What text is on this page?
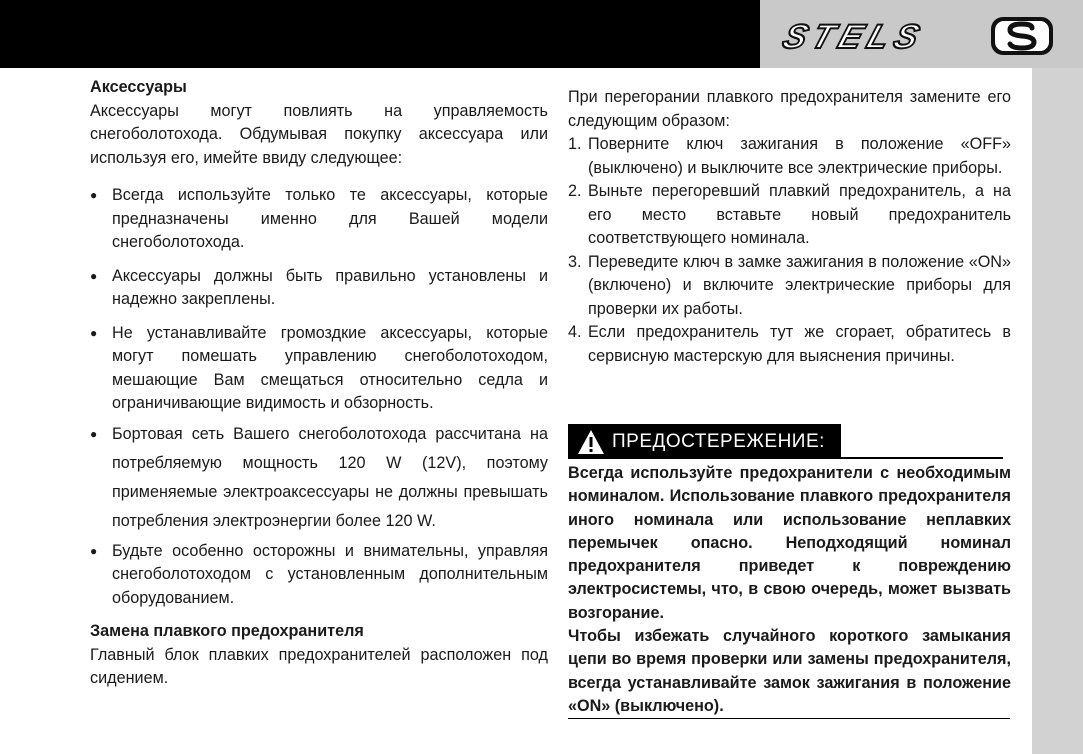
STELS
Аксессуары
Аксессуары могут повлиять на управляемость снегоболотохода. Обдумывая покупку аксессуара или используя его, имейте ввиду следующее:
● Всегда используйте только те аксессуары, которые предназначены именно для Вашей модели снегоболотохода.
● Аксессуары должны быть правильно установлены и надежно закреплены.
● Не устанавливайте громоздкие аксессуары, которые могут помешать управлению снегоболотоходом, мешающие Вам смещаться относительно седла и ограничивающие видимость и обзорность.
● Бортовая сеть Вашего снегоболотохода рассчитана на потребляемую мощность 120 W (12V), поэтому применяемые электроаксессуары не должны превышать потребления электроэнергии более 120 W.
● Будьте особенно осторожны и внимательны, управляя снегоболотоходом с установленным дополнительным оборудованием.
Замена плавкого предохранителя
Главный блок плавких предохранителей расположен под сидением.
При перегорании плавкого предохранителя замените его следующим образом:
1. Поверните ключ зажигания в положение «OFF» (выключено) и выключите все электрические приборы.
2. Выньте перегоревший плавкий предохранитель, а на его место вставьте новый предохранитель соответствующего номинала.
3. Переведите ключ в замке зажигания в положение «ON» (включено) и включите электрические приборы для проверки их работы.
4. Если предохранитель тут же сгорает, обратитесь в сервисную мастерскую для выяснения причины.
ПРЕДОСТЕРЕЖЕНИЕ:
Всегда используйте предохранители с необходимым номиналом. Использование плавкого предохранителя иного номинала или использование неплавких перемычек опасно. Неподходящий номинал предохранителя приведет к повреждению электросистемы, что, в свою очередь, может вызвать возгорание.
Чтобы избежать случайного короткого замыкания цепи во время проверки или замены предохранителя, всегда устанавливайте замок зажигания в положение «ON» (выключено).
